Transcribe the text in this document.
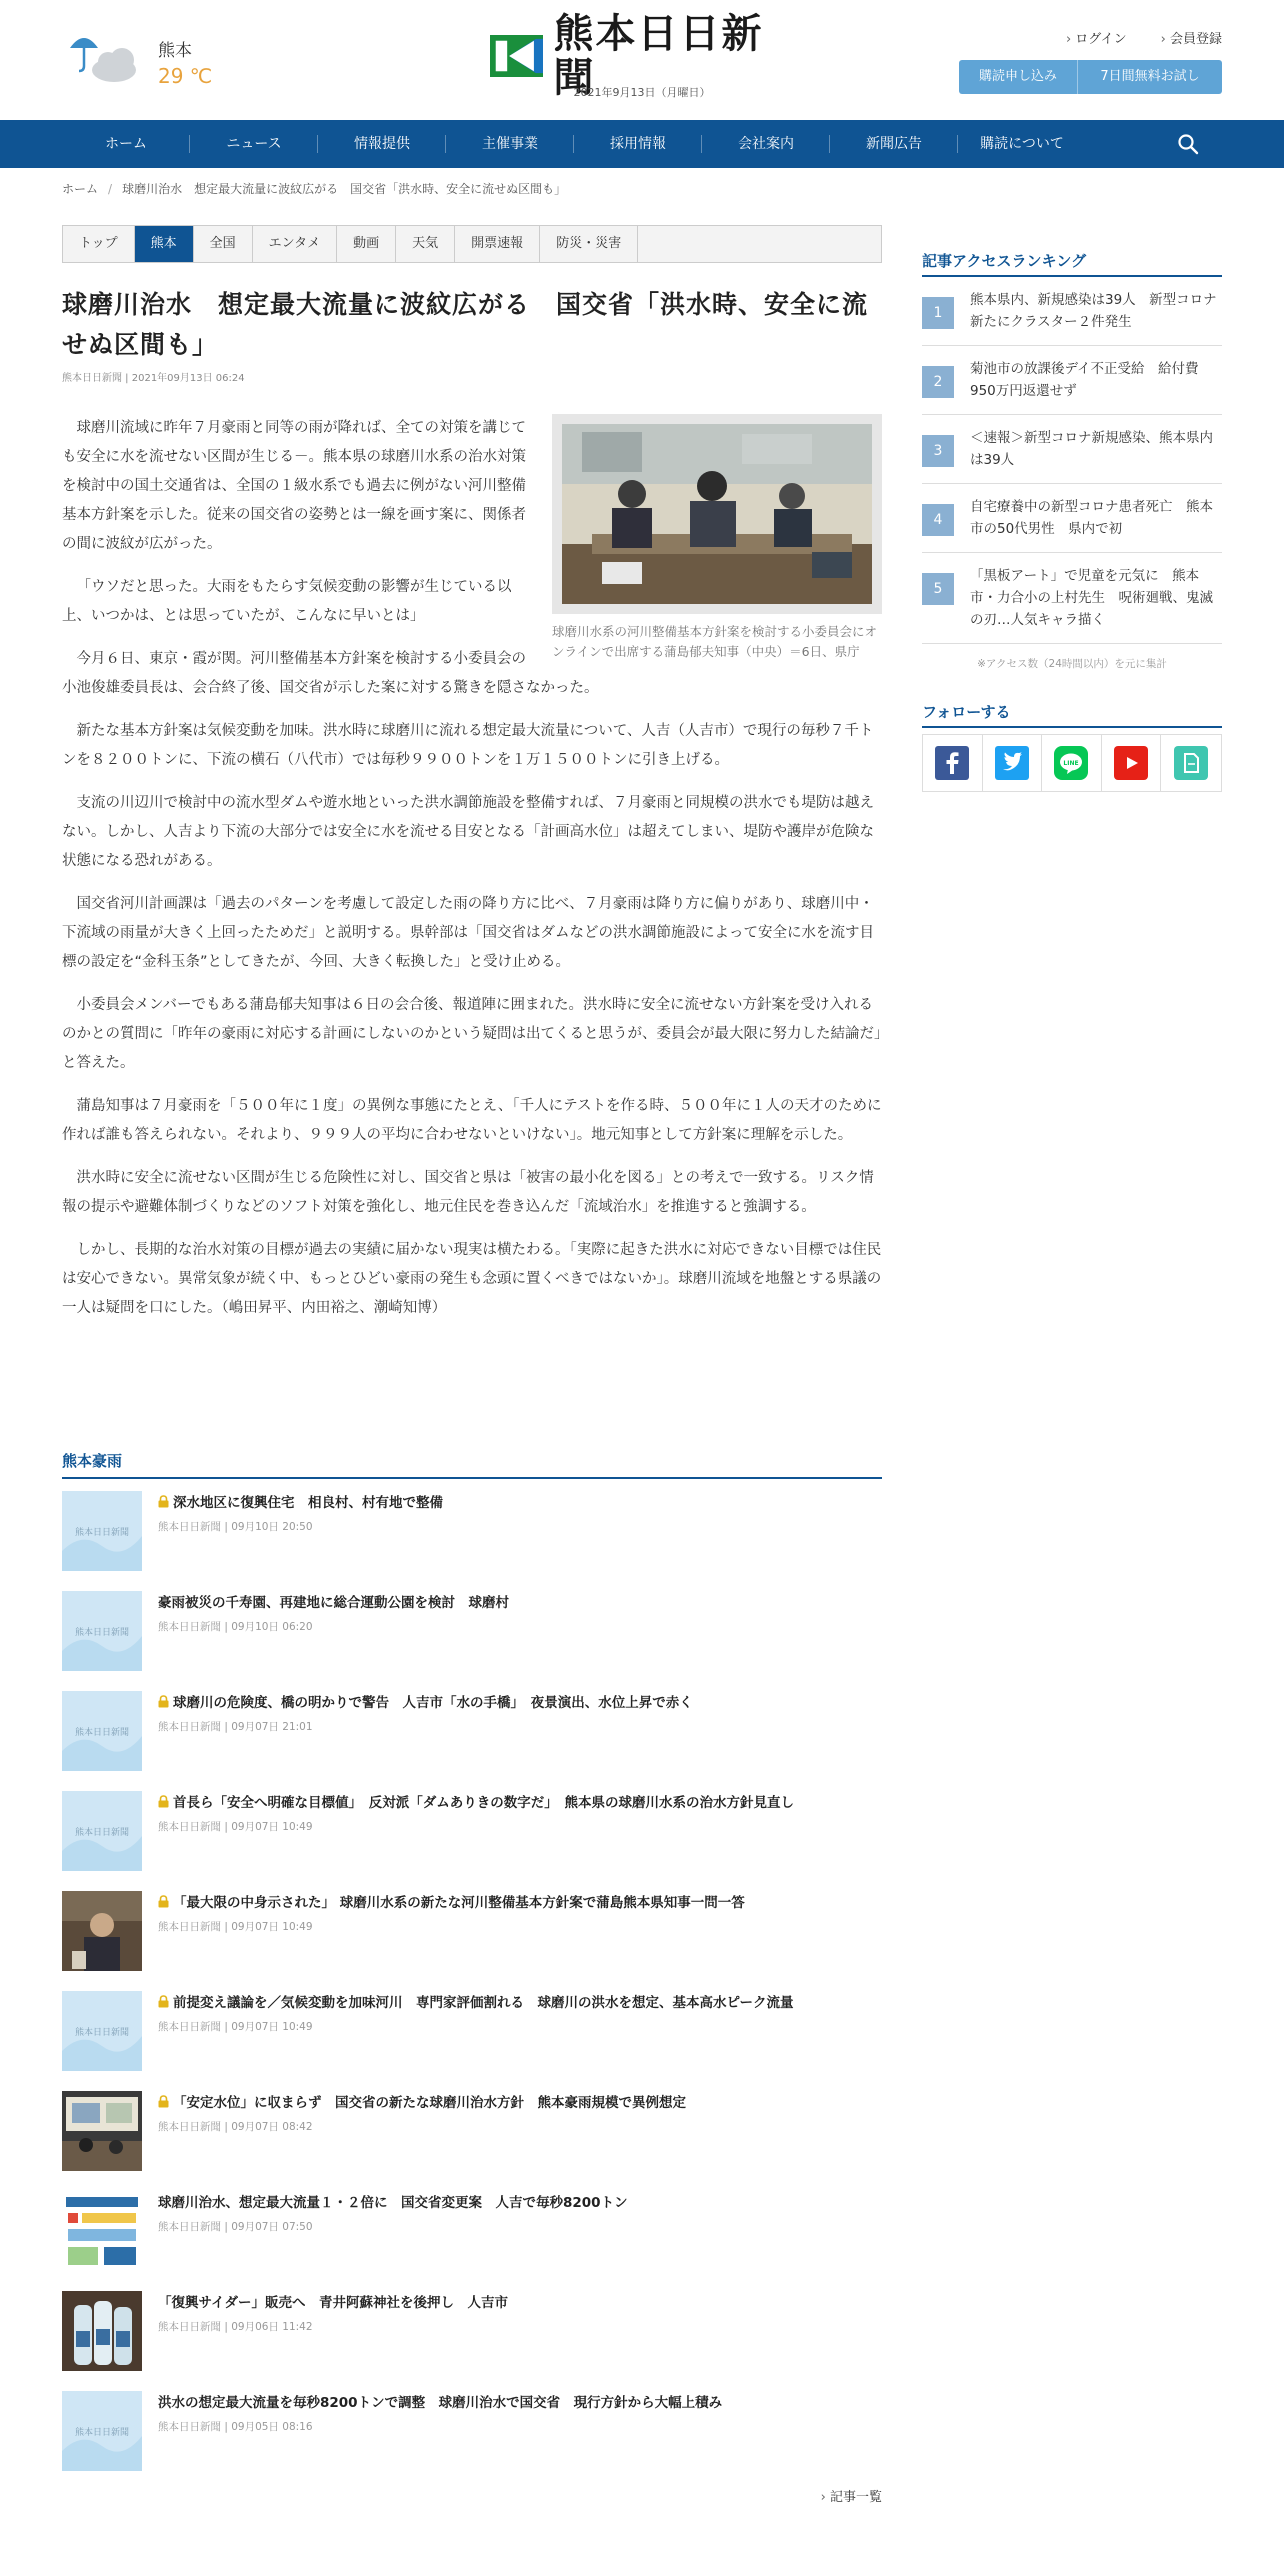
熊本
29 ℃
熊本日日新聞
2021年9月13日（月曜日）
› ログイン
›	会員登録
購読申し込み	7日間無料お試し
ホーム	ニュース	情報提供	主催事業	採用情報	会社案内	新聞広告	購読について
ホーム / 球磨川治水　想定最大流量に波紋広がる　国交省「洪水時、安全に流せぬ区間も」
トップ	熊本	全国	エンタメ	動画	天気	開票速報	防災・災害
球磨川治水　想定最大流量に波紋広がる　国交省「洪水時、安全に流せぬ区間も」
熊本日日新聞 | 2021年09月13日 06:24
球磨川水系の河川整備基本方針案を検討する小委員会にオンラインで出席する蒲島郁夫知事（中央）＝6日、県庁

球磨川流域に昨年７月豪雨と同等の雨が降れば、全ての対策を講じても安全に水を流せない区間が生じる－。熊本県の球磨川水系の治水対策を検討中の国土交通省は、全国の１級水系でも過去に例がない河川整備基本方針案を示した。従来の国交省の姿勢とは一線を画す案に、関係者の間に波紋が広がった。

「ウソだと思った。大雨をもたらす気候変動の影響が生じている以上、いつかは、とは思っていたが、こんなに早いとは」

今月６日、東京・霞が関。河川整備基本方針案を検討する小委員会の小池俊雄委員長は、会合終了後、国交省が示した案に対する驚きを隠さなかった。

新たな基本方針案は気候変動を加味。洪水時に球磨川に流れる想定最大流量について、人吉（人吉市）で現行の毎秒７千トンを８２００トンに、下流の横石（八代市）では毎秒９９００トンを１万１５００トンに引き上げる。

支流の川辺川で検討中の流水型ダムや遊水地といった洪水調節施設を整備すれば、７月豪雨と同規模の洪水でも堤防は越えない。しかし、人吉より下流の大部分では安全に水を流せる目安となる「計画高水位」は超えてしまい、堤防や護岸が危険な状態になる恐れがある。

国交省河川計画課は「過去のパターンを考慮して設定した雨の降り方に比べ、７月豪雨は降り方に偏りがあり、球磨川中・下流域の雨量が大きく上回ったためだ」と説明する。県幹部は「国交省はダムなどの洪水調節施設によって安全に水を流す目標の設定を“金科玉条”としてきたが、今回、大きく転換した」と受け止める。

小委員会メンバーでもある蒲島郁夫知事は６日の会合後、報道陣に囲まれた。洪水時に安全に流せない方針案を受け入れるのかとの質問に「昨年の豪雨に対応する計画にしないのかという疑問は出てくると思うが、委員会が最大限に努力した結論だ」と答えた。

蒲島知事は７月豪雨を「５００年に１度」の異例な事態にたとえ、「千人にテストを作る時、５００年に１人の天才のために作れば誰も答えられない。それより、９９９人の平均に合わせないといけない」。地元知事として方針案に理解を示した。

洪水時に安全に流せない区間が生じる危険性に対し、国交省と県は「被害の最小化を図る」との考えで一致する。リスク情報の提示や避難体制づくりなどのソフト対策を強化し、地元住民を巻き込んだ「流域治水」を推進すると強調する。

しかし、長期的な治水対策の目標が過去の実績に届かない現実は横たわる。「実際に起きた洪水に対応できない目標では住民は安心できない。異常気象が続く中、もっとひどい豪雨の発生も念頭に置くべきではないか」。球磨川流域を地盤とする県議の一人は疑問を口にした。（嶋田昇平、内田裕之、潮崎知博）

熊本豪雨
熊本日日新聞
深水地区に復興住宅　相良村、村有地で整備
熊本日日新聞 | 09月10日 20:50
熊本日日新聞
豪雨被災の千寿園、再建地に総合運動公園を検討　球磨村
熊本日日新聞 | 09月10日 06:20
熊本日日新聞
球磨川の危険度、橋の明かりで警告　人吉市「水の手橋」　夜景演出、水位上昇で赤く
熊本日日新聞 | 09月07日 21:01
熊本日日新聞
首長ら「安全へ明確な目標値」　反対派「ダムありきの数字だ」　熊本県の球磨川水系の治水方針見直し
熊本日日新聞 | 09月07日 10:49
「最大限の中身示された」 球磨川水系の新たな河川整備基本方針案で蒲島熊本県知事一問一答
熊本日日新聞 | 09月07日 10:49
熊本日日新聞
前提変え議論を／気候変動を加味河川　専門家評価割れる　球磨川の洪水を想定、基本高水ピーク流量
熊本日日新聞 | 09月07日 10:49
「安定水位」に収まらず　国交省の新たな球磨川治水方針　熊本豪雨規模で異例想定
熊本日日新聞 | 09月07日 08:42
球磨川治水、想定最大流量１・２倍に　国交省変更案　人吉で毎秒8200トン
熊本日日新聞 | 09月07日 07:50
「復興サイダー」販売へ　青井阿蘇神社を後押し　人吉市
熊本日日新聞 | 09月06日 11:42
熊本日日新聞
洪水の想定最大流量を毎秒8200トンで調整　球磨川治水で国交省　現行方針から大幅上積み
熊本日日新聞 | 09月05日 08:16
› 記事一覧
記事アクセスランキング
1
熊本県内、新規感染は39人　新型コロナ　新たにクラスター２件発生
2
菊池市の放課後デイ不正受給　給付費950万円返還せず
3
＜速報＞新型コロナ新規感染、熊本県内は39人
4
自宅療養中の新型コロナ患者死亡　熊本市の50代男性　県内で初
5
「黒板アート」で児童を元気に　熊本市・力合小の上村先生　呪術廻戦、鬼滅の刃…人気キャラ描く
※アクセス数（24時間以内）を元に集計
フォローする
LINE
